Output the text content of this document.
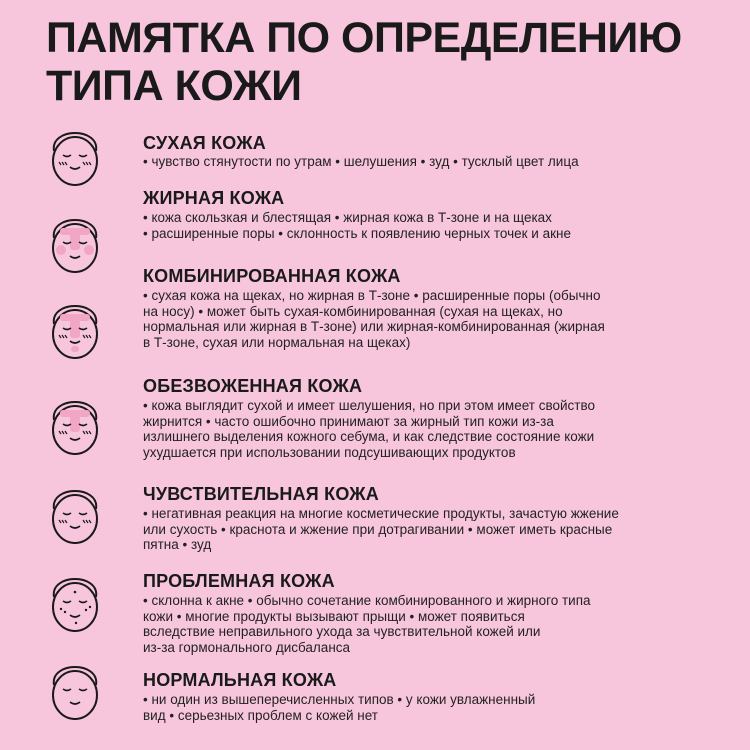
ПАМЯТКА ПО ОПРЕДЕЛЕНИЮ
ТИПА КОЖИ
СУХАЯ КОЖА
• чувство стянутости по утрам • шелушения • зуд • тусклый цвет лица
ЖИРНАЯ КОЖА
• кожа скользкая и блестящая • жирная кожа в Т-зоне и на щеках
• расширенные поры • склонность к появлению черных точек и акне
КОМБИНИРОВАННАЯ КОЖА
• сухая кожа на щеках, но жирная в Т-зоне • расширенные поры (обычно
на носу) • может быть сухая-комбинированная (сухая на щеках, но
нормальная или жирная в Т-зоне) или жирная-комбинированная (жирная
в Т-зоне, сухая или нормальная на щеках)
ОБЕЗВОЖЕННАЯ КОЖА
• кожа выглядит сухой и имеет шелушения, но при этом имеет свойство
жирнится • часто ошибочно принимают за жирный тип кожи из-за
излишнего выделения кожного себума, и как следствие состояние кожи
ухудшается при использовании подсушивающих продуктов
ЧУВСТВИТЕЛЬНАЯ КОЖА
• негативная реакция на многие косметические продукты, зачастую жжение
или сухость • краснота и жжение при дотрагивании • может иметь красные
пятна • зуд
ПРОБЛЕМНАЯ КОЖА
• склонна к акне • обычно сочетание комбинированного и жирного типа
кожи • многие продукты вызывают прыщи • может появиться
вследствие неправильного ухода за чувствительной кожей или
из-за гормонального дисбаланса
НОРМАЛЬНАЯ КОЖА
• ни один из вышеперечисленных типов • у кожи увлажненный
вид • серьезных проблем с кожей нет
